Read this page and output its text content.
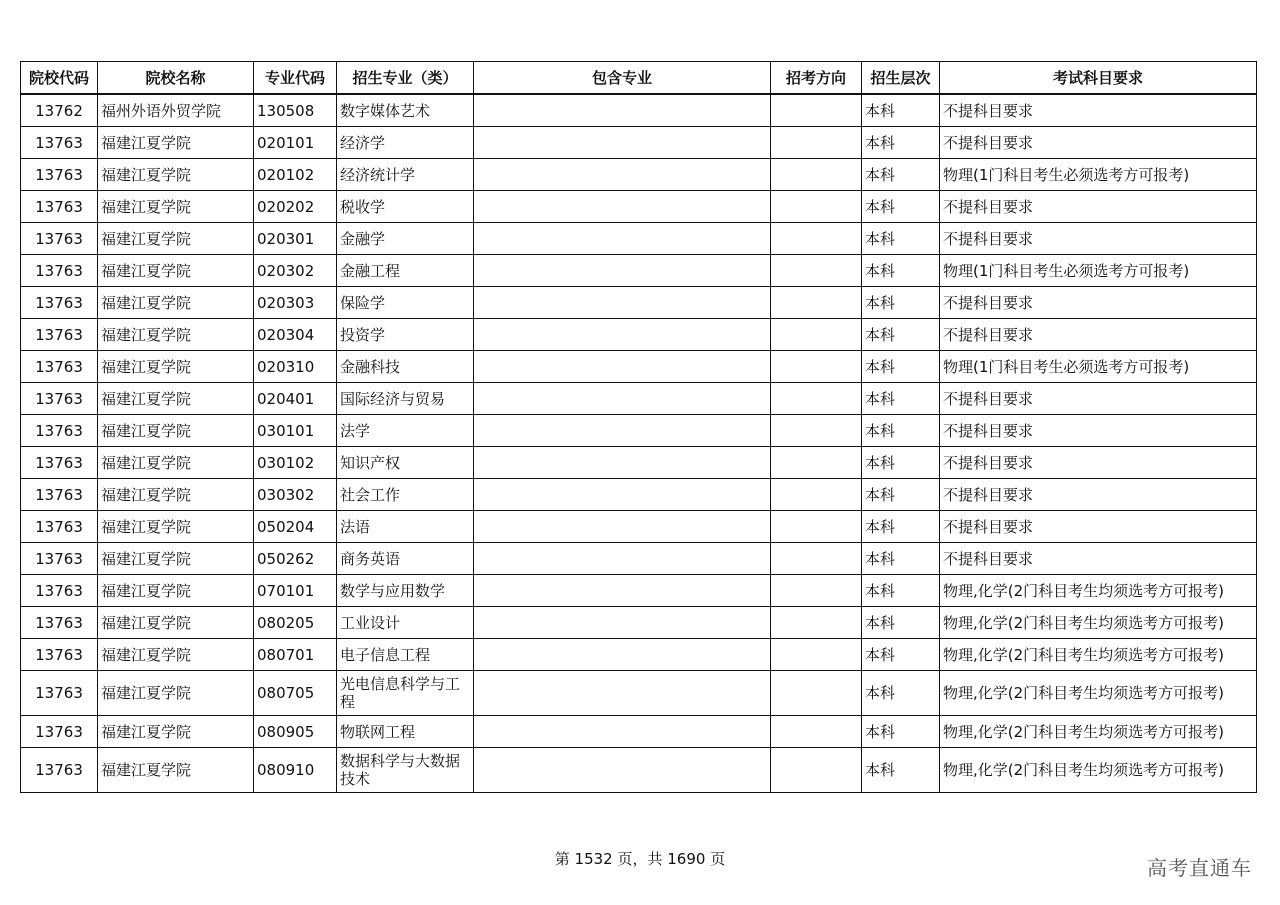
院校代码	院校名称	专业代码	招生专业（类）	包含专业	招考方向	招生层次	考试科目要求
13762	福州外语外贸学院	130508	数字媒体艺术			本科	不提科目要求
13763	福建江夏学院	020101	经济学			本科	不提科目要求
13763	福建江夏学院	020102	经济统计学			本科	物理(1门科目考生必须选考方可报考)
13763	福建江夏学院	020202	税收学			本科	不提科目要求
13763	福建江夏学院	020301	金融学			本科	不提科目要求
13763	福建江夏学院	020302	金融工程			本科	物理(1门科目考生必须选考方可报考)
13763	福建江夏学院	020303	保险学			本科	不提科目要求
13763	福建江夏学院	020304	投资学			本科	不提科目要求
13763	福建江夏学院	020310	金融科技			本科	物理(1门科目考生必须选考方可报考)
13763	福建江夏学院	020401	国际经济与贸易			本科	不提科目要求
13763	福建江夏学院	030101	法学			本科	不提科目要求
13763	福建江夏学院	030102	知识产权			本科	不提科目要求
13763	福建江夏学院	030302	社会工作			本科	不提科目要求
13763	福建江夏学院	050204	法语			本科	不提科目要求
13763	福建江夏学院	050262	商务英语			本科	不提科目要求
13763	福建江夏学院	070101	数学与应用数学			本科	物理,化学(2门科目考生均须选考方可报考)
13763	福建江夏学院	080205	工业设计			本科	物理,化学(2门科目考生均须选考方可报考)
13763	福建江夏学院	080701	电子信息工程			本科	物理,化学(2门科目考生均须选考方可报考)
13763	福建江夏学院	080705	光电信息科学与工程			本科	物理,化学(2门科目考生均须选考方可报考)
13763	福建江夏学院	080905	物联网工程			本科	物理,化学(2门科目考生均须选考方可报考)
13763	福建江夏学院	080910	数据科学与大数据技术			本科	物理,化学(2门科目考生均须选考方可报考)
第 1532 页，共 1690 页	高考直通车
